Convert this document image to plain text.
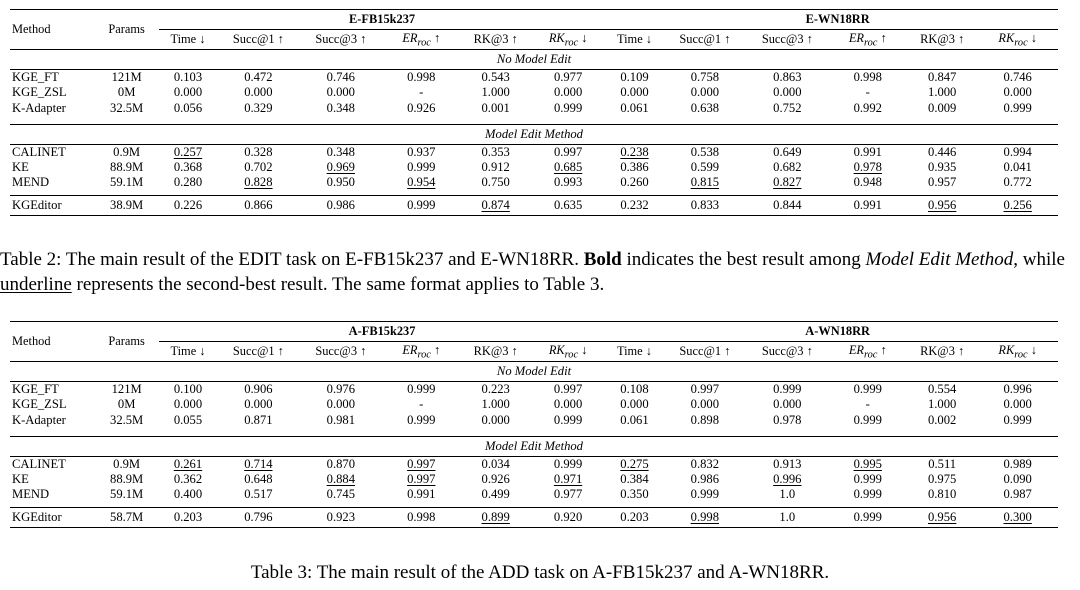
Method	Params	E-FB15k237						E-WN18RR					
		Time ↓	Succ@1 ↑	Succ@3 ↑	$ER_{roc}$ ↑	RK@3 ↑	$RK_{roc}$ ↓	Time ↓	Succ@1 ↑	Succ@3 ↑	$ER_{roc}$ ↑	RK@3 ↑	$RK_{roc}$ ↓
No Model Edit													
KGE_FT	121M	0.103	0.472	0.746	0.998	0.543	0.977	0.109	0.758	0.863	0.998	0.847	0.746
KGE_ZSL	0M	0.000	0.000	0.000	-	1.000	0.000	0.000	0.000	0.000	-	1.000	0.000
K-Adapter	32.5M	0.056	0.329	0.348	0.926	0.001	0.999	0.061	0.638	0.752	0.992	0.009	0.999

Model Edit Method													
CALINET	0.9M	0.257	0.328	0.348	0.937	0.353	0.997	0.238	0.538	0.649	0.991	0.446	0.994
KE	88.9M	0.368	0.702	0.969	0.999	0.912	0.685	0.386	0.599	0.682	0.978	0.935	0.041
MEND	59.1M	0.280	0.828	0.950	0.954	0.750	0.993	0.260	0.815	0.827	0.948	0.957	0.772

KGEditor	38.9M	0.226	0.866	0.986	0.999	0.874	0.635	0.232	0.833	0.844	0.991	0.956	0.256
Table 2: The main result of the EDIT task on E-FB15k237 and E-WN18RR. Bold indicates the best result among Model Edit Method, while underline represents the second-best result. The same format applies to Table 3.
Method	Params	A-FB15k237						A-WN18RR					
		Time ↓	Succ@1 ↑	Succ@3 ↑	$ER_{roc}$ ↑	RK@3 ↑	$RK_{roc}$ ↓	Time ↓	Succ@1 ↑	Succ@3 ↑	$ER_{roc}$ ↑	RK@3 ↑	$RK_{roc}$ ↓
No Model Edit													
KGE_FT	121M	0.100	0.906	0.976	0.999	0.223	0.997	0.108	0.997	0.999	0.999	0.554	0.996
KGE_ZSL	0M	0.000	0.000	0.000	-	1.000	0.000	0.000	0.000	0.000	-	1.000	0.000
K-Adapter	32.5M	0.055	0.871	0.981	0.999	0.000	0.999	0.061	0.898	0.978	0.999	0.002	0.999

Model Edit Method													
CALINET	0.9M	0.261	0.714	0.870	0.997	0.034	0.999	0.275	0.832	0.913	0.995	0.511	0.989
KE	88.9M	0.362	0.648	0.884	0.997	0.926	0.971	0.384	0.986	0.996	0.999	0.975	0.090
MEND	59.1M	0.400	0.517	0.745	0.991	0.499	0.977	0.350	0.999	1.0	0.999	0.810	0.987

KGEditor	58.7M	0.203	0.796	0.923	0.998	0.899	0.920	0.203	0.998	1.0	0.999	0.956	0.300
Table 3: The main result of the ADD task on A-FB15k237 and A-WN18RR.
